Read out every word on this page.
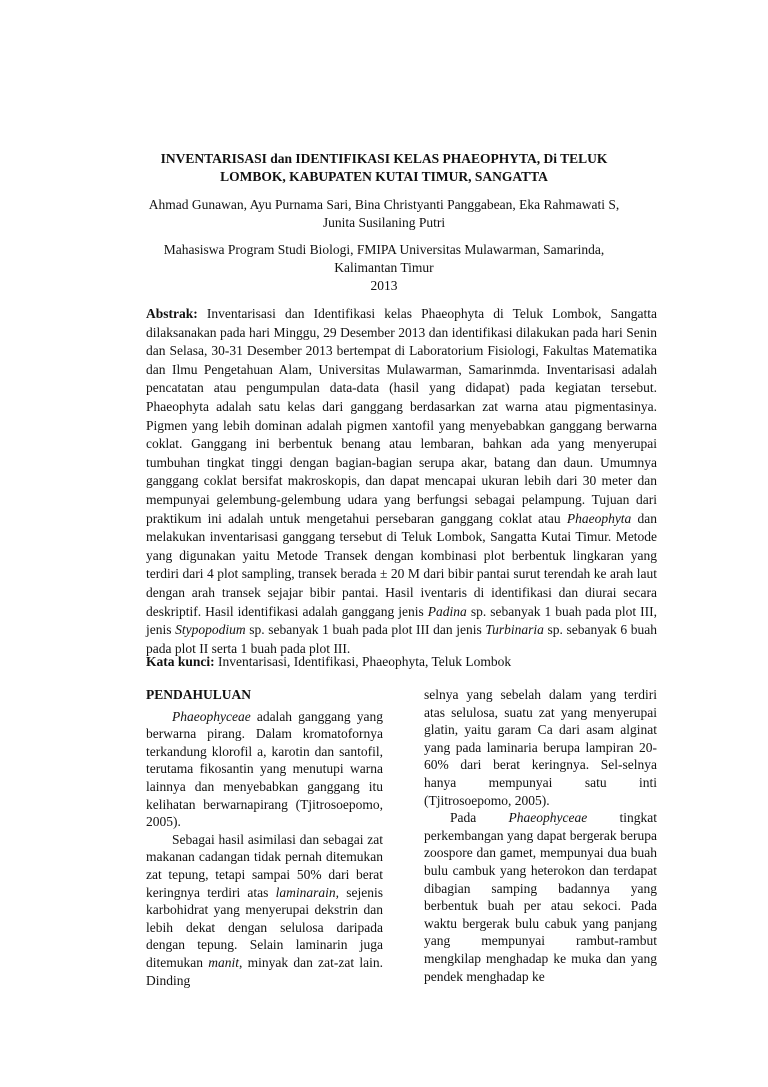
INVENTARISASI dan IDENTIFIKASI KELAS PHAEOPHYTA, Di TELUK
LOMBOK, KABUPATEN KUTAI TIMUR, SANGATTA
Ahmad Gunawan, Ayu Purnama Sari, Bina Christyanti Panggabean, Eka Rahmawati S,
Junita Susilaning Putri
Mahasiswa Program Studi Biologi, FMIPA Universitas Mulawarman, Samarinda,
Kalimantan Timur
2013
Abstrak: Inventarisasi dan Identifikasi kelas Phaeophyta di Teluk Lombok, Sangatta dilaksanakan pada hari Minggu, 29 Desember 2013 dan identifikasi dilakukan pada hari Senin dan Selasa, 30-31 Desember 2013 bertempat di Laboratorium Fisiologi, Fakultas Matematika dan Ilmu Pengetahuan Alam, Universitas Mulawarman, Samarinmda. Inventarisasi adalah pencatatan atau pengumpulan data-data (hasil yang didapat) pada kegiatan tersebut. Phaeophyta adalah satu kelas dari ganggang berdasarkan zat warna atau pigmentasinya. Pigmen yang lebih dominan adalah pigmen xantofil yang menyebabkan ganggang berwarna coklat. Ganggang ini berbentuk benang atau lembaran, bahkan ada yang menyerupai tumbuhan tingkat tinggi dengan bagian-bagian serupa akar, batang dan daun. Umumnya ganggang coklat bersifat makroskopis, dan dapat mencapai ukuran lebih dari 30 meter dan mempunyai gelembung-gelembung udara yang berfungsi sebagai pelampung. Tujuan dari praktikum ini adalah untuk mengetahui persebaran ganggang coklat atau Phaeophyta dan melakukan inventarisasi ganggang tersebut di Teluk Lombok, Sangatta Kutai Timur. Metode yang digunakan yaitu Metode Transek dengan kombinasi plot berbentuk lingkaran yang terdiri dari 4 plot sampling, transek berada ± 20 M dari bibir pantai surut terendah ke arah laut dengan arah transek sejajar bibir pantai. Hasil iventaris di identifikasi dan diurai secara deskriptif. Hasil identifikasi adalah ganggang jenis Padina sp. sebanyak 1 buah pada plot III, jenis Stypopodium sp. sebanyak 1 buah pada plot III dan jenis Turbinaria sp. sebanyak 6 buah pada plot II serta 1 buah pada plot III.
Kata kunci: Inventarisasi, Identifikasi, Phaeophyta, Teluk Lombok
PENDAHULUAN

Phaeophyceae adalah ganggang yang berwarna pirang. Dalam kromatofornya terkandung klorofil a, karotin dan santofil, terutama fikosantin yang menutupi warna lainnya dan menyebabkan ganggang itu kelihatan berwarnapirang (Tjitrosoepomo, 2005).

Sebagai hasil asimilasi dan sebagai zat makanan cadangan tidak pernah ditemukan zat tepung, tetapi sampai 50% dari berat keringnya terdiri atas laminarain, sejenis karbohidrat yang menyerupai dekstrin dan lebih dekat dengan selulosa daripada dengan tepung. Selain laminarin juga ditemukan manit, minyak dan zat-zat lain. Dinding

selnya yang sebelah dalam yang terdiri atas selulosa, suatu zat yang menyerupai glatin, yaitu garam Ca dari asam alginat yang pada laminaria berupa lampiran 20-60% dari berat keringnya. Sel-selnya hanya mempunyai satu inti (Tjitrosoepomo, 2005).

Pada Phaeophyceae tingkat perkembangan yang dapat bergerak berupa zoospore dan gamet, mempunyai dua buah bulu cambuk yang heterokon dan terdapat dibagian samping badannya yang berbentuk buah per atau sekoci. Pada waktu bergerak bulu cabuk yang panjang yang mempunyai rambut-rambut mengkilap menghadap ke muka dan yang pendek menghadap ke
